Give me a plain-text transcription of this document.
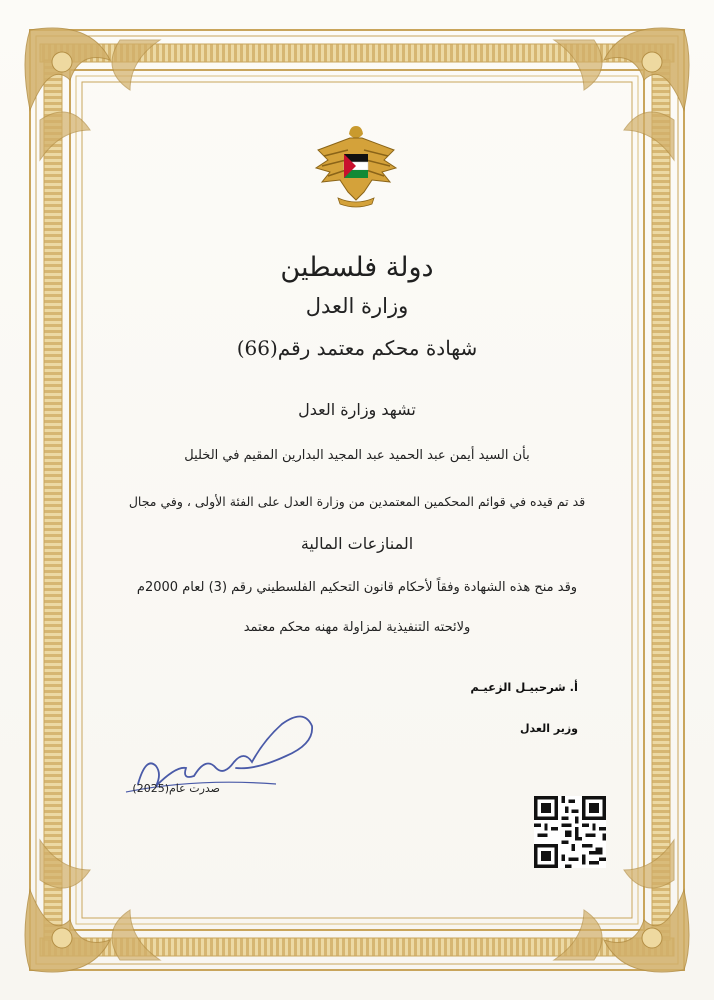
دولة فلسطين
وزارة العدل
شهادة محكم معتمد رقم(66)
تشهد وزارة العدل
بأن السيد أيمن عبد الحميد عبد المجيد البدارين المقيم في الخليل
قد تم قيده في قوائم المحكمين المعتمدين من وزارة العدل على الفئة الأولى ، وفي مجال
المنازعات المالية
وقد منح هذه الشهادة وفقاً لأحكام قانون التحكيم الفلسطيني رقم (3) لعام 2000م
ولائحته التنفيذية لمزاولة مهنه محكم معتمد
أ. شرحبيـل الزعيـم
وزير العدل
صدرت عام(2025)
